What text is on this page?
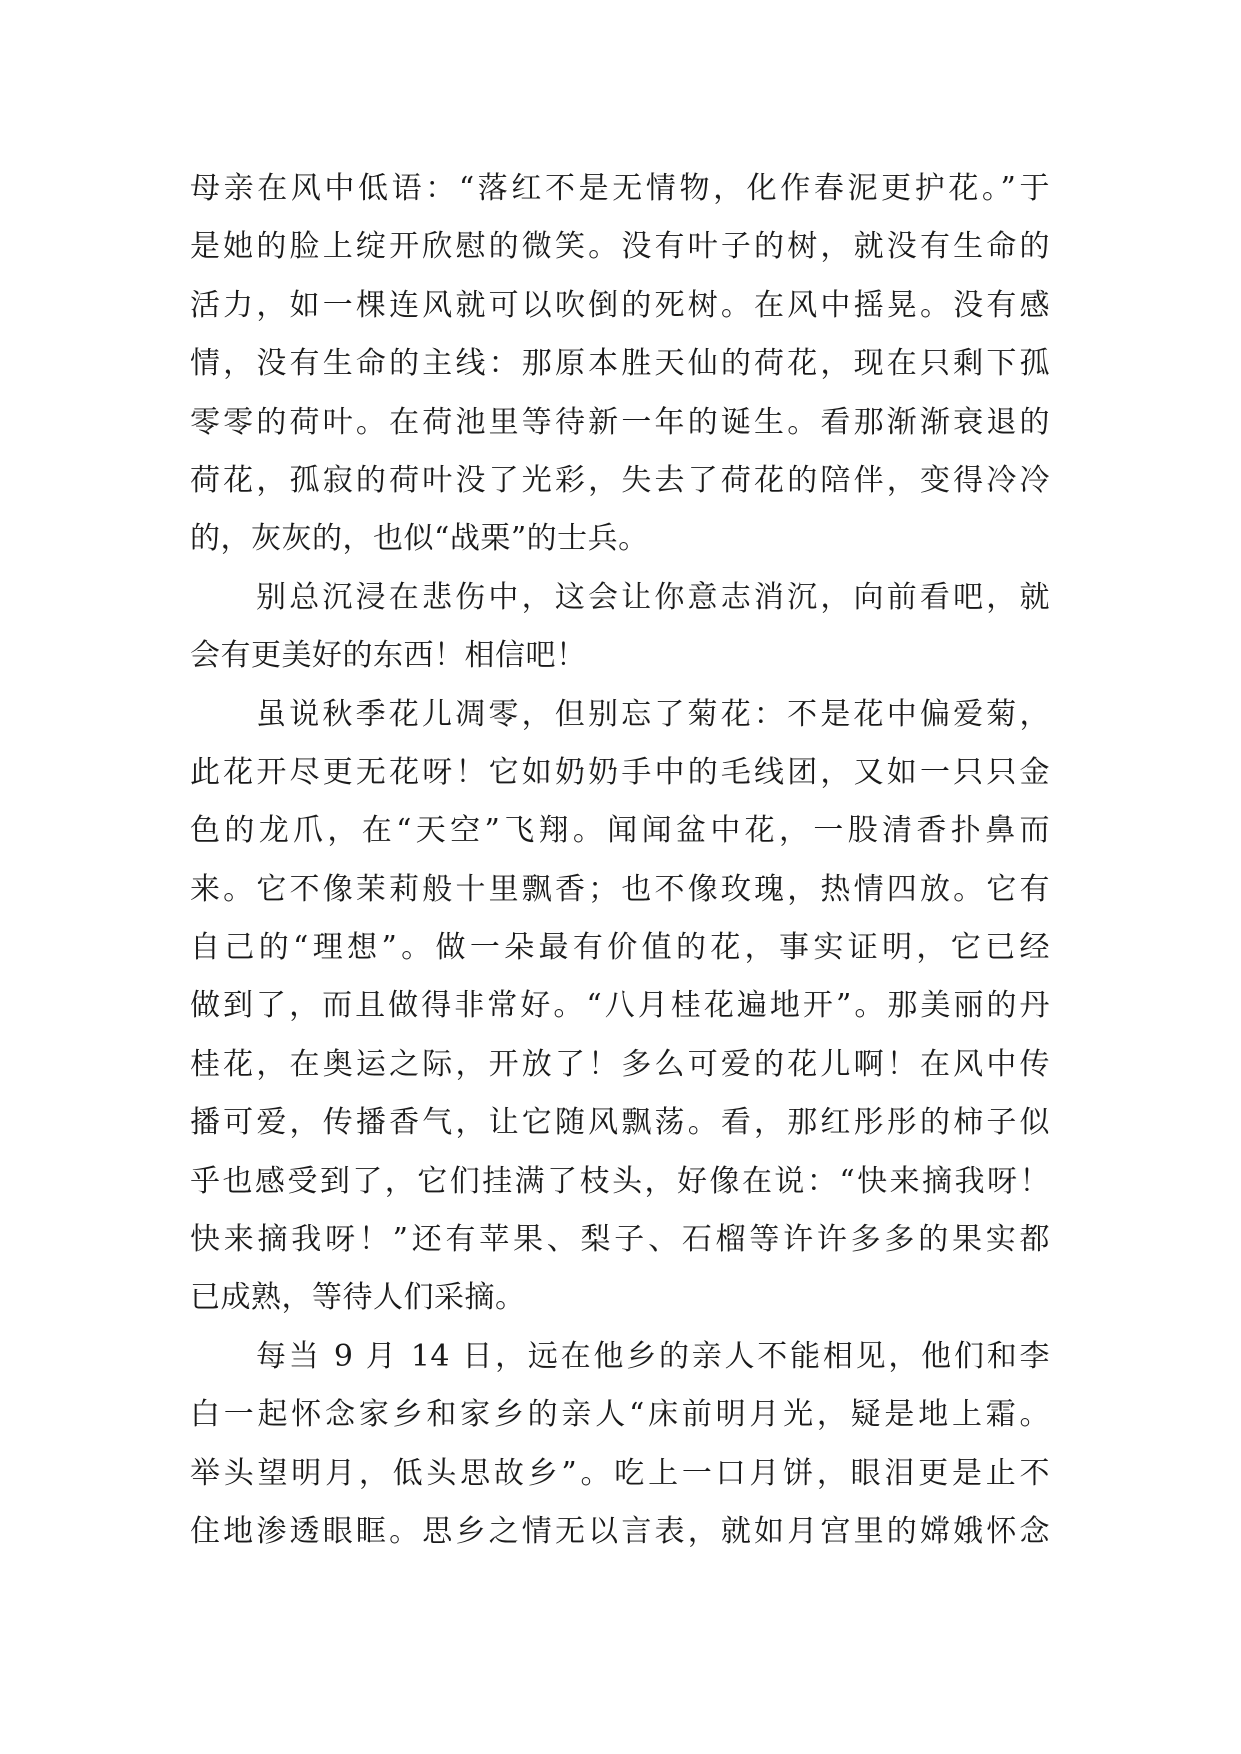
母亲在风中低语：“落红不是无情物，化作春泥更护花。”于
是她的脸上绽开欣慰的微笑。没有叶子的树，就没有生命的
活力，如一棵连风就可以吹倒的死树。在风中摇晃。没有感
情，没有生命的主线：那原本胜天仙的荷花，现在只剩下孤
零零的荷叶。在荷池里等待新一年的诞生。看那渐渐衰退的
荷花，孤寂的荷叶没了光彩，失去了荷花的陪伴，变得冷冷
的，灰灰的，也似“战栗”的士兵。
别总沉浸在悲伤中，这会让你意志消沉，向前看吧，就
会有更美好的东西！相信吧！
虽说秋季花儿凋零，但别忘了菊花：不是花中偏爱菊，
此花开尽更无花呀！它如奶奶手中的毛线团，又如一只只金
色的龙爪，在“天空”飞翔。闻闻盆中花，一股清香扑鼻而
来。它不像茉莉般十里飘香；也不像玫瑰，热情四放。它有
自己的“理想”。做一朵最有价值的花，事实证明，它已经
做到了，而且做得非常好。“八月桂花遍地开”。那美丽的丹
桂花，在奥运之际，开放了！多么可爱的花儿啊！在风中传
播可爱，传播香气，让它随风飘荡。看，那红彤彤的柿子似
乎也感受到了，它们挂满了枝头，好像在说：“快来摘我呀！
快来摘我呀！”还有苹果、梨子、石榴等许许多多的果实都
已成熟，等待人们采摘。
每当 9 月 14 日，远在他乡的亲人不能相见，他们和李
白一起怀念家乡和家乡的亲人“床前明月光，疑是地上霜。
举头望明月，低头思故乡”。吃上一口月饼，眼泪更是止不
住地渗透眼眶。思乡之情无以言表，就如月宫里的嫦娥怀念
